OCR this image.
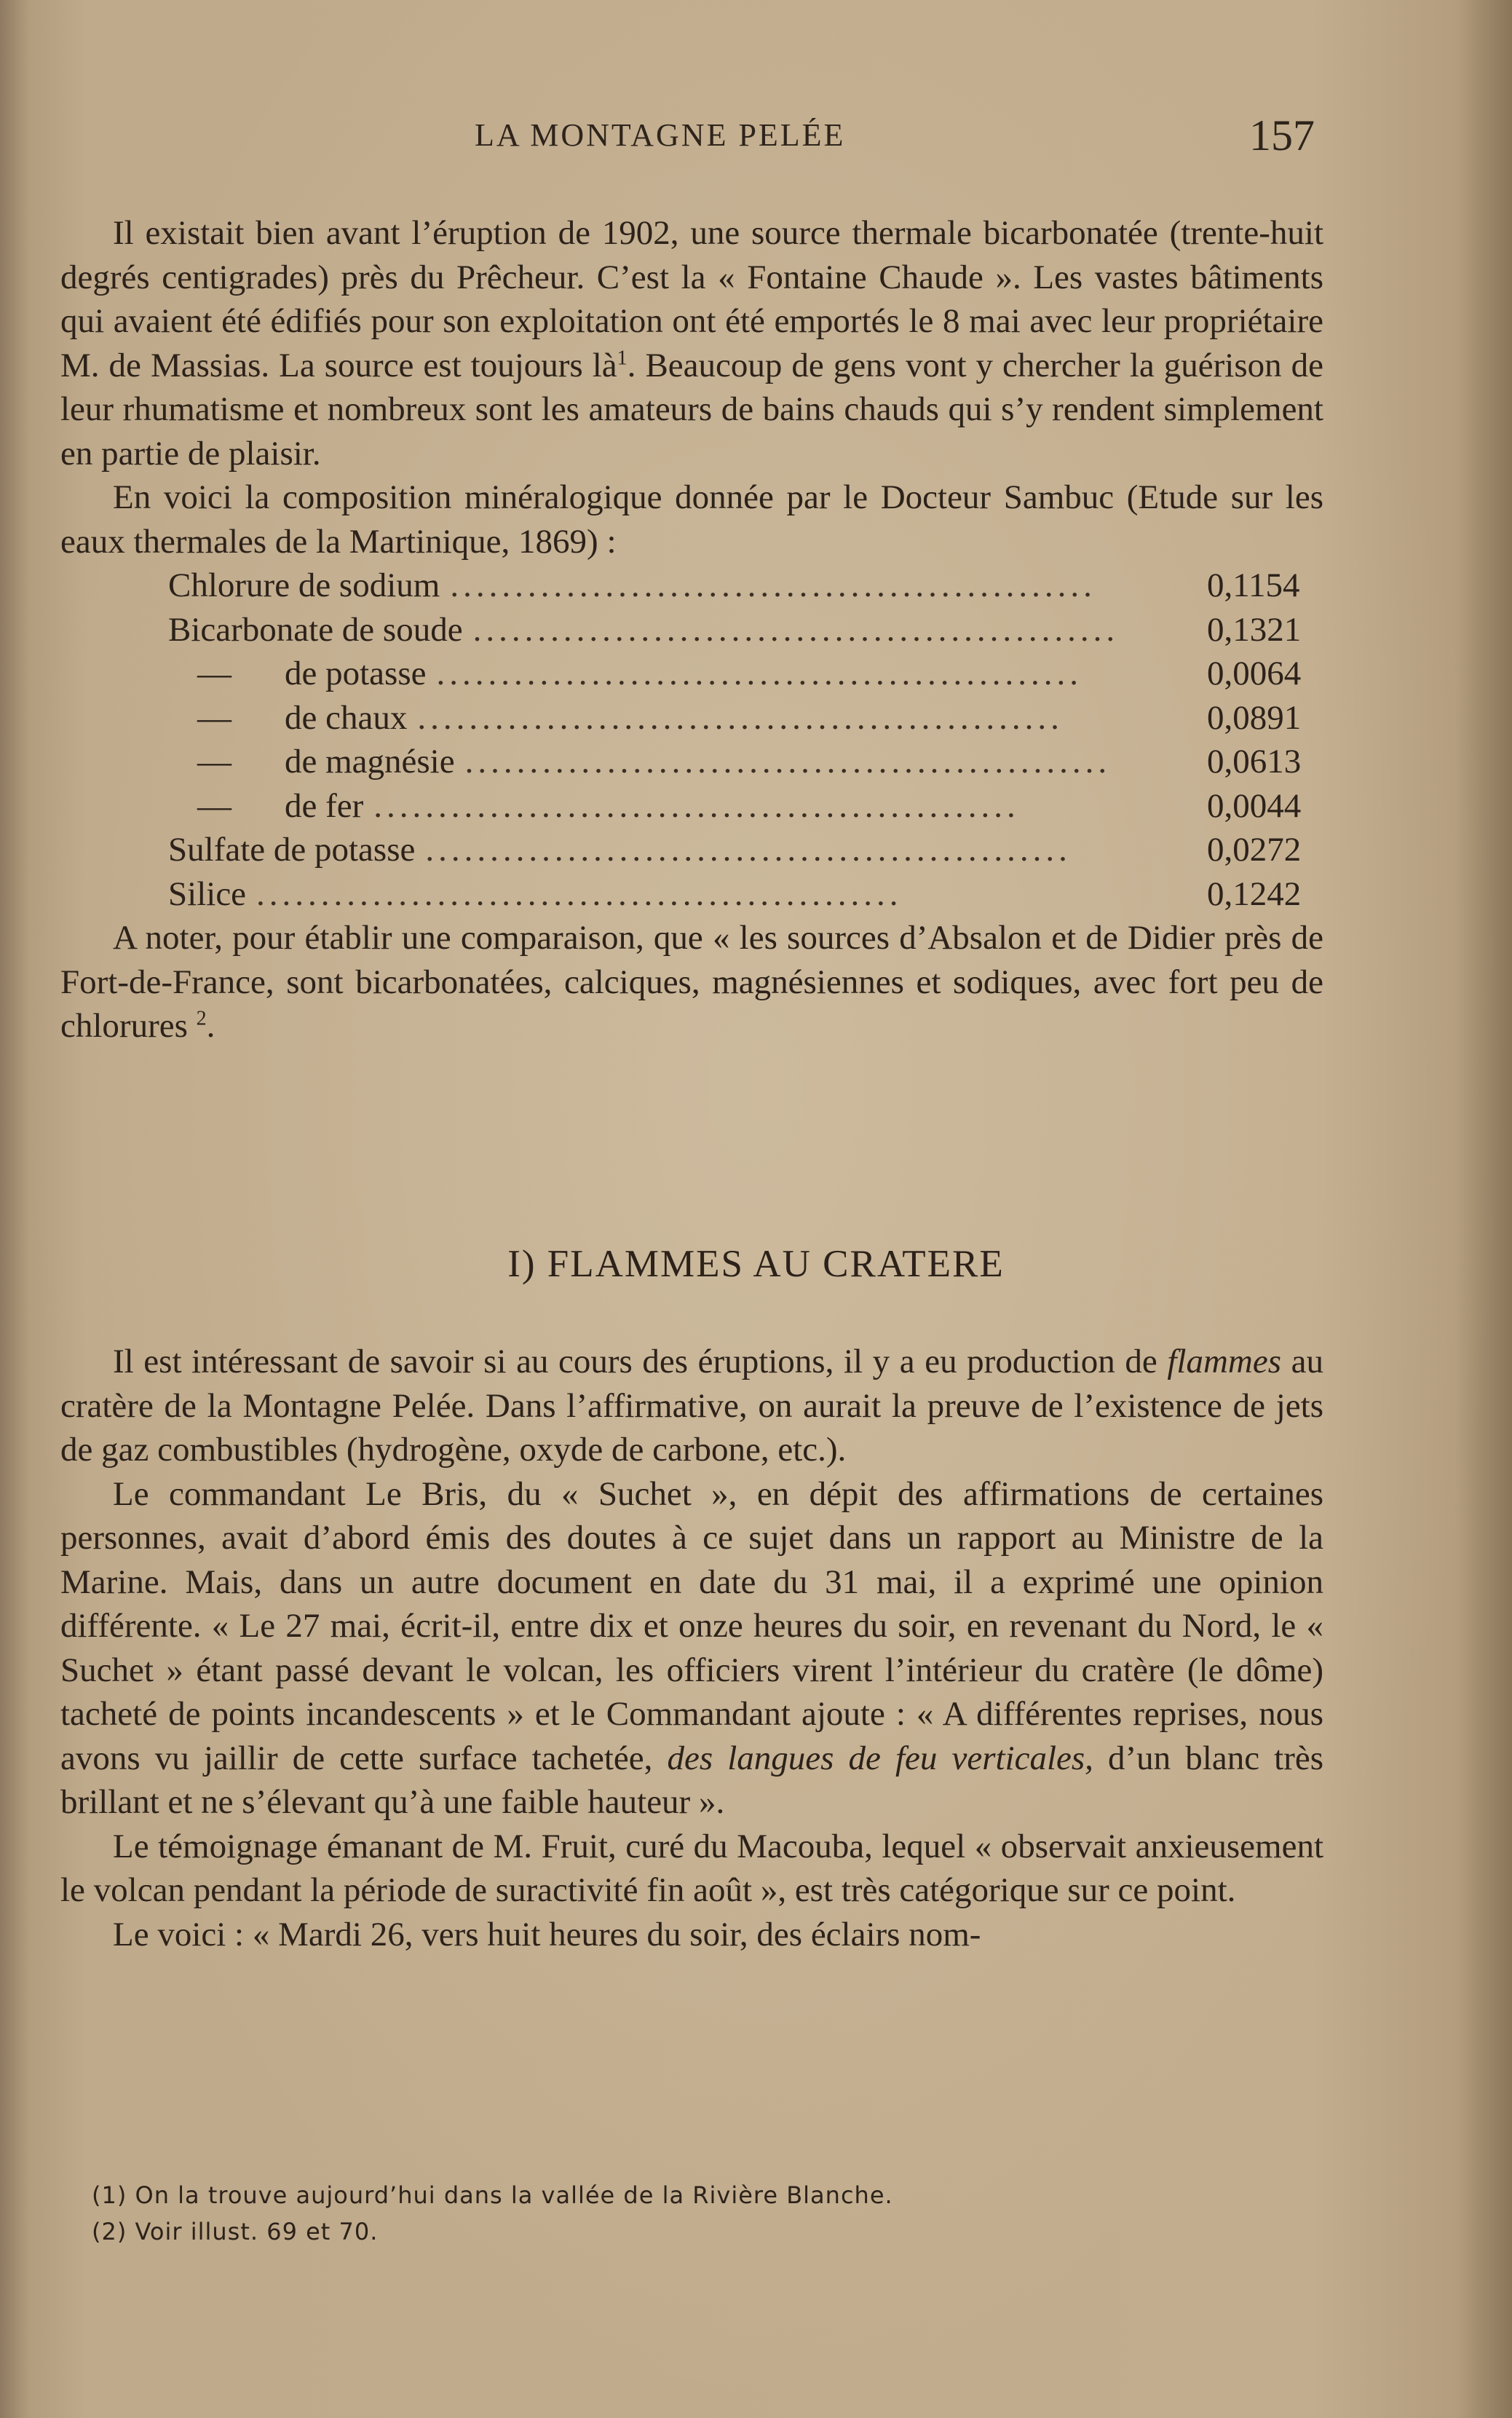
LA MONTAGNE PELÉE	157

Il existait bien avant l’éruption de 1902, une source thermale bicarbonatée (trente-huit degrés centigrades) près du Prêcheur. C’est la « Fontaine Chaude ». Les vastes bâtiments qui avaient été édifiés pour son exploitation ont été emportés le 8 mai avec leur propriétaire M. de Massias. La source est toujours $là^1$. Beaucoup de gens vont y chercher la guérison de leur rhumatisme et nombreux sont les amateurs de bains chauds qui s’y rendent simplement en partie de plaisir.

En voici la composition minéralogique donnée par le Docteur Sambuc (Etude sur les eaux thermales de la Martinique, 1869) :

Chlorure de sodium ..................................................	0,1154
Bicarbonate de soude ..................................................	0,1321
—	de potasse ..................................................	0,0064
—	de chaux ..................................................	0,0891
—	de magnésie ..................................................	0,0613
—	de fer ..................................................	0,0044
Sulfate de potasse ..................................................	0,0272
Silice ..................................................	0,1242

A noter, pour établir une comparaison, que « les sources d’Absalon et de Didier près de Fort-de-France, sont bicarbonatées, calciques, magnésiennes et sodiques, avec fort peu de chlorures $^2$.

I) FLAMMES AU CRATERE

Il est intéressant de savoir si au cours des éruptions, il y a eu production de flammes au cratère de la Montagne Pelée. Dans l’affirmative, on aurait la preuve de l’existence de jets de gaz combustibles (hydrogène, oxyde de carbone, etc.).

Le commandant Le Bris, du « Suchet », en dépit des affirmations de certaines personnes, avait d’abord émis des doutes à ce sujet dans un rapport au Ministre de la Marine. Mais, dans un autre document en date du 31 mai, il a exprimé une opinion différente. « Le 27 mai, écrit-il, entre dix et onze heures du soir, en revenant du Nord, le « Suchet » étant passé devant le volcan, les officiers virent l’intérieur du cratère (le dôme) tacheté de points incandescents » et le Commandant ajoute : « A différentes reprises, nous avons vu jaillir de cette surface tachetée, des langues de feu verticales, d’un blanc très brillant et ne s’élevant qu’à une faible hauteur ».

Le témoignage émanant de M. Fruit, curé du Macouba, lequel « observait anxieusement le volcan pendant la période de suractivité fin août », est très catégorique sur ce point.

Le voici : « Mardi 26, vers huit heures du soir, des éclairs nom-

(1) On la trouve aujourd’hui dans la vallée de la Rivière Blanche.

(2) Voir illust. 69 et 70.
